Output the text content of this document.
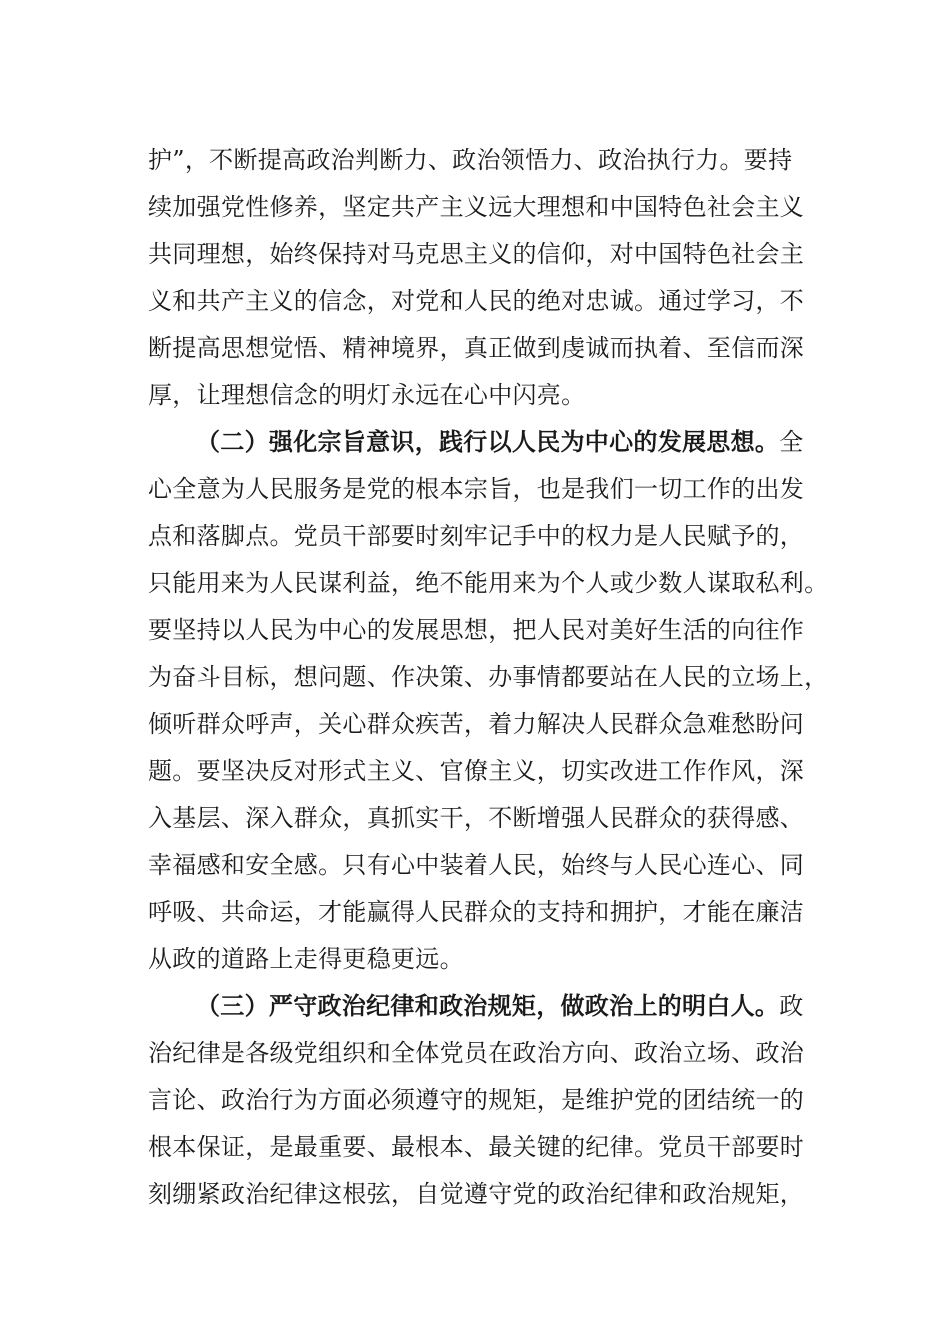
护”，不断提高政治判断力、政治领悟力、政治执行力。要持
续加强党性修养，坚定共产主义远大理想和中国特色社会主义
共同理想，始终保持对马克思主义的信仰，对中国特色社会主
义和共产主义的信念，对党和人民的绝对忠诚。通过学习，不
断提高思想觉悟、精神境界，真正做到虔诚而执着、至信而深
厚，让理想信念的明灯永远在心中闪亮。
（二）强化宗旨意识，践行以人民为中心的发展思想。全
心全意为人民服务是党的根本宗旨，也是我们一切工作的出发
点和落脚点。党员干部要时刻牢记手中的权力是人民赋予的，
只能用来为人民谋利益，绝不能用来为个人或少数人谋取私利。
要坚持以人民为中心的发展思想，把人民对美好生活的向往作
为奋斗目标，想问题、作决策、办事情都要站在人民的立场上，
倾听群众呼声，关心群众疾苦，着力解决人民群众急难愁盼问
题。要坚决反对形式主义、官僚主义，切实改进工作作风，深
入基层、深入群众，真抓实干，不断增强人民群众的获得感、
幸福感和安全感。只有心中装着人民，始终与人民心连心、同
呼吸、共命运，才能赢得人民群众的支持和拥护，才能在廉洁
从政的道路上走得更稳更远。
（三）严守政治纪律和政治规矩，做政治上的明白人。政
治纪律是各级党组织和全体党员在政治方向、政治立场、政治
言论、政治行为方面必须遵守的规矩，是维护党的团结统一的
根本保证，是最重要、最根本、最关键的纪律。党员干部要时
刻绷紧政治纪律这根弦，自觉遵守党的政治纪律和政治规矩，
